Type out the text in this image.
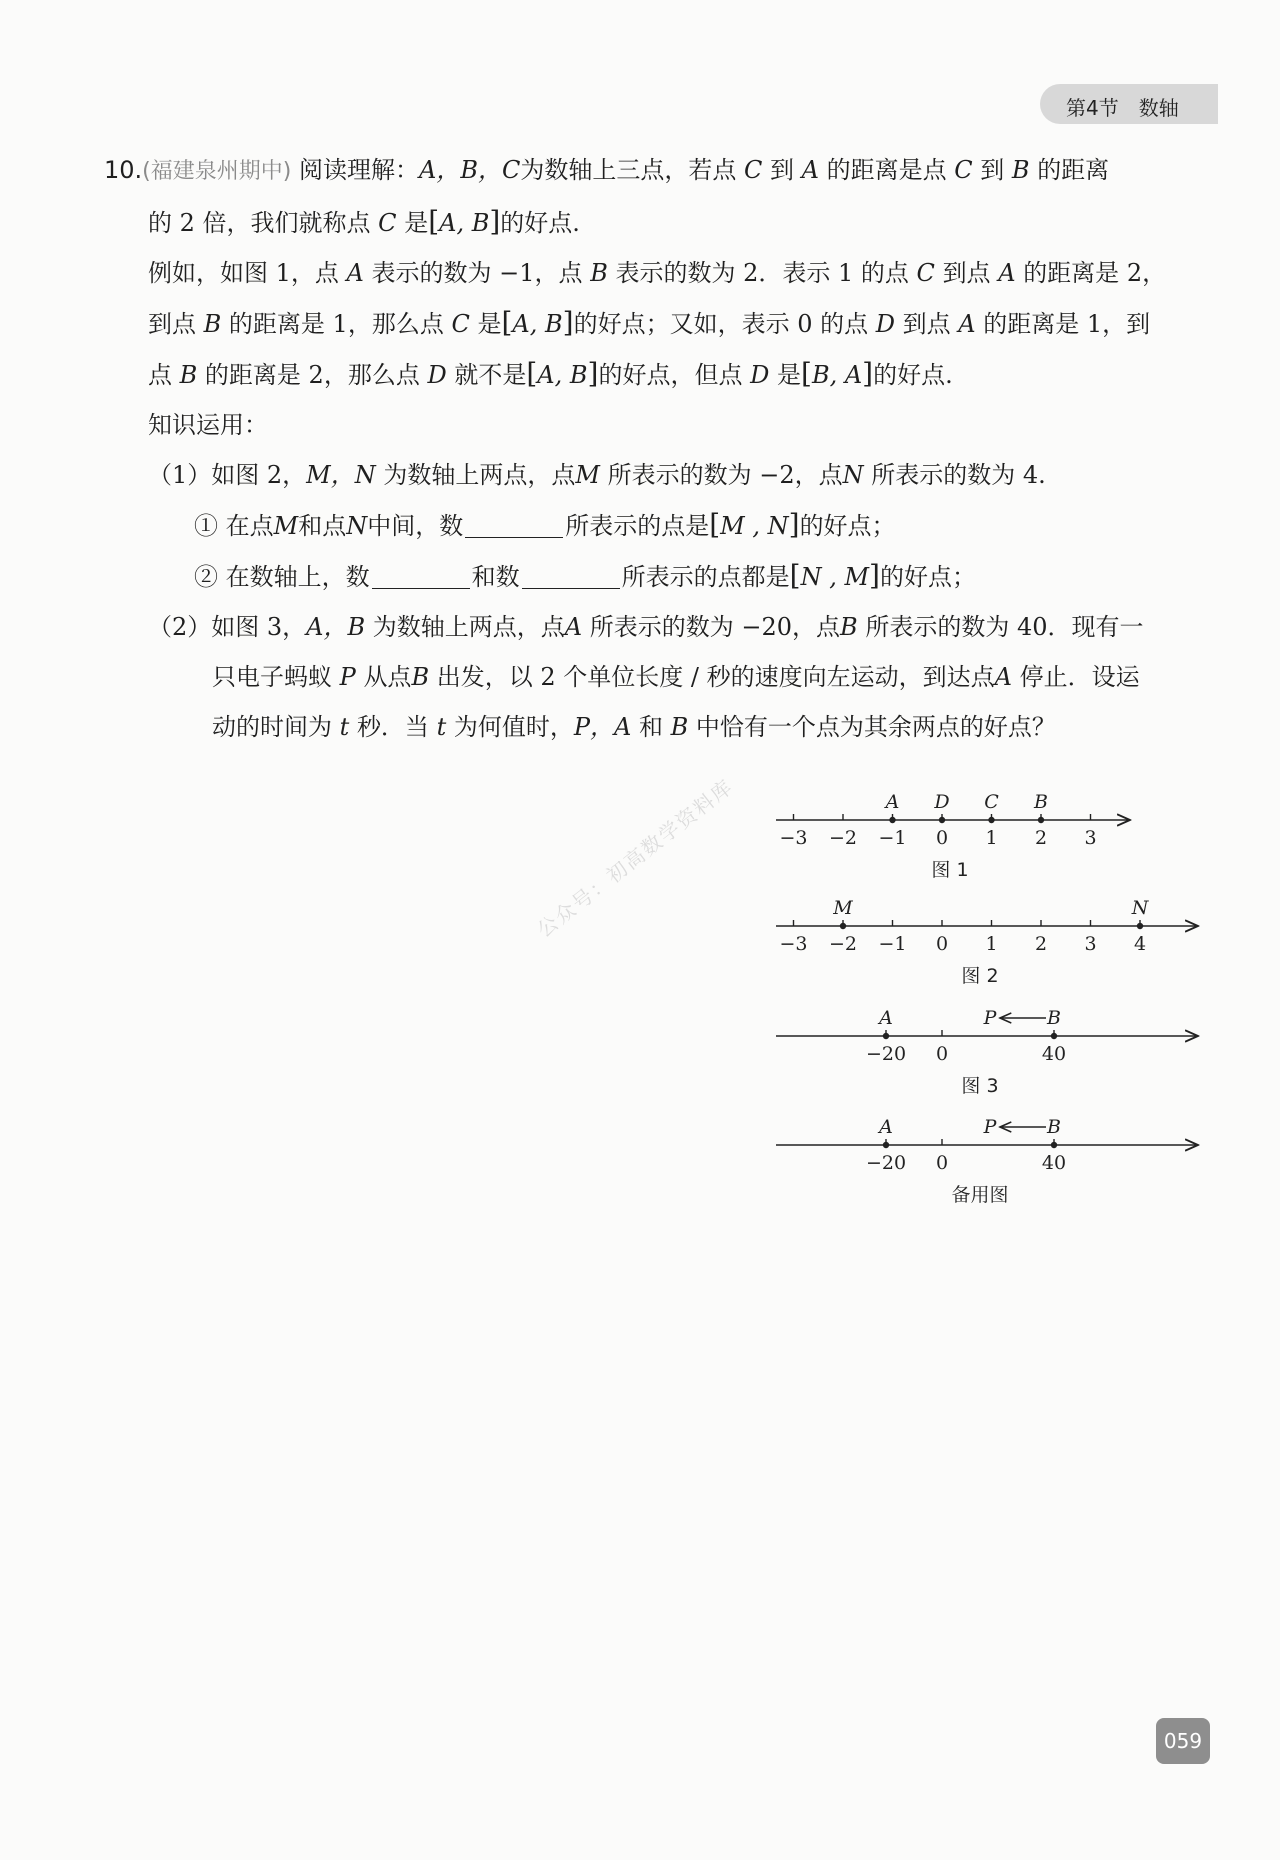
第4节　数轴

10.(福建泉州期中) 阅读理解：A，B，C为数轴上三点，若点 C 到 A 的距离是点 C 到 B 的距离

的 2 倍，我们就称点 C 是[A, B]的好点.

例如，如图 1，点 A 表示的数为 −1，点 B 表示的数为 2．表示 1 的点 C 到点 A 的距离是 2，

到点 B 的距离是 1，那么点 C 是[A, B]的好点；又如，表示 0 的点 D 到点 A 的距离是 1，到

点 B 的距离是 2，那么点 D 就不是[A, B]的好点，但点 D 是[B, A]的好点.

知识运用：

（1）如图 2，M，N 为数轴上两点，点M 所表示的数为 −2，点N 所表示的数为 4.

① 在点M和点N中间，数	所表示的点是[M , N]的好点；

② 在数轴上，数	和数	所表示的点都是[N , M]的好点；

（2）如图 3，A，B 为数轴上两点，点A 所表示的数为 −20，点B 所表示的数为 40．现有一

只电子蚂蚁 P 从点B 出发，以 2 个单位长度 / 秒的速度向左运动，到达点A 停止．设运

动的时间为 t 秒．当 t 为何值时，P，A 和 B 中恰有一个点为其余两点的好点？

公众号：初高数学资料库 −3 −2 −1 0 1 2 3
A D C B
图 1
−3 −2 −1 0 1 2 3 4
M	N
图 2
−20 0	40
A	B
P
图 3
−20 0	40
A	B
P
备用图
059
